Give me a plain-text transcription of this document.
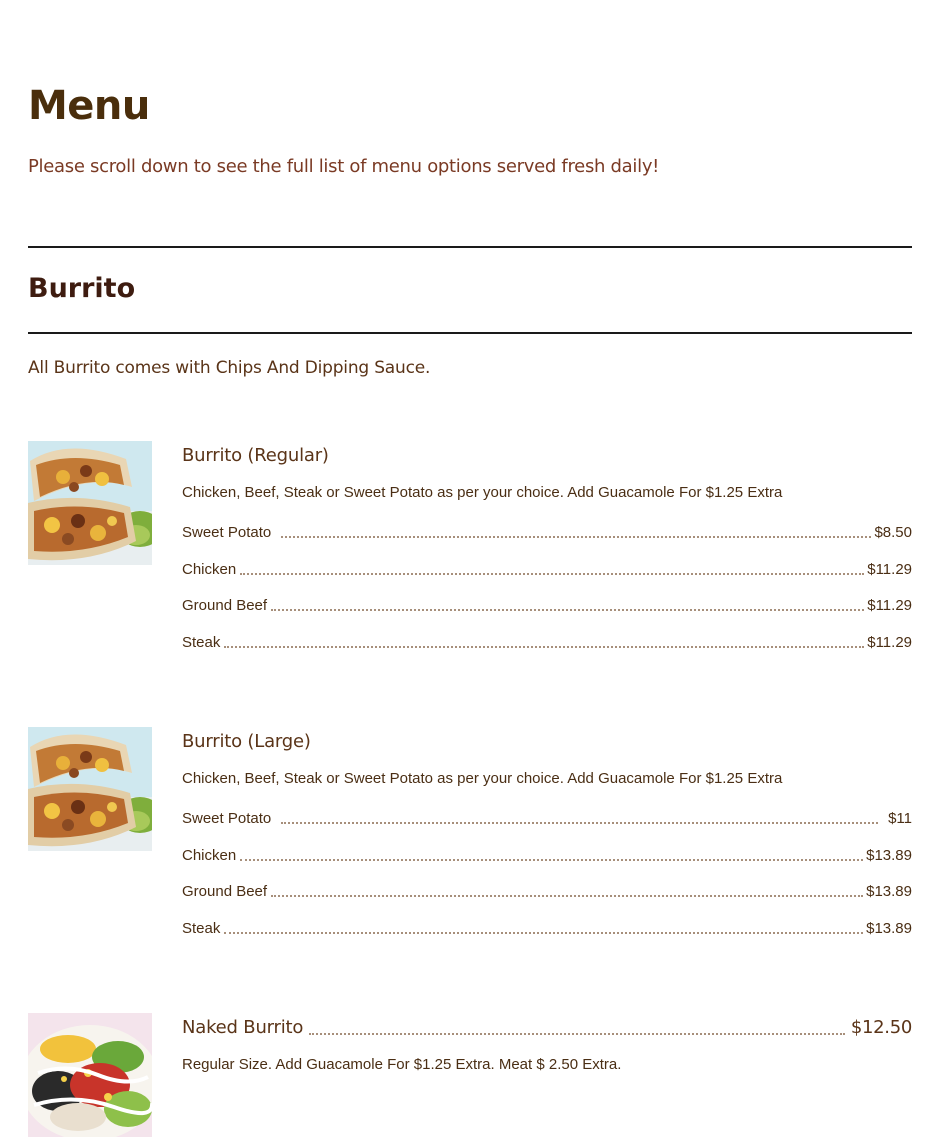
Menu

Please scroll down to see the full list of menu options served fresh daily!

Burrito

All Burrito comes with Chips And Dipping Sauce.

Burrito (Regular)

Chicken, Beef, Steak or Sweet Potato as per your choice. Add Guacamole For $1.25 Extra

Sweet Potato	$8.50
Chicken	$11.29
Ground Beef	$11.29
Steak	$11.29
Burrito (Large)

Chicken, Beef, Steak or Sweet Potato as per your choice. Add Guacamole For $1.25 Extra

Sweet Potato	$11
Chicken	$13.89
Ground Beef	$13.89
Steak	$13.89
Naked Burrito	$12.50

Regular Size. Add Guacamole For $1.25 Extra. Meat $ 2.50 Extra.
